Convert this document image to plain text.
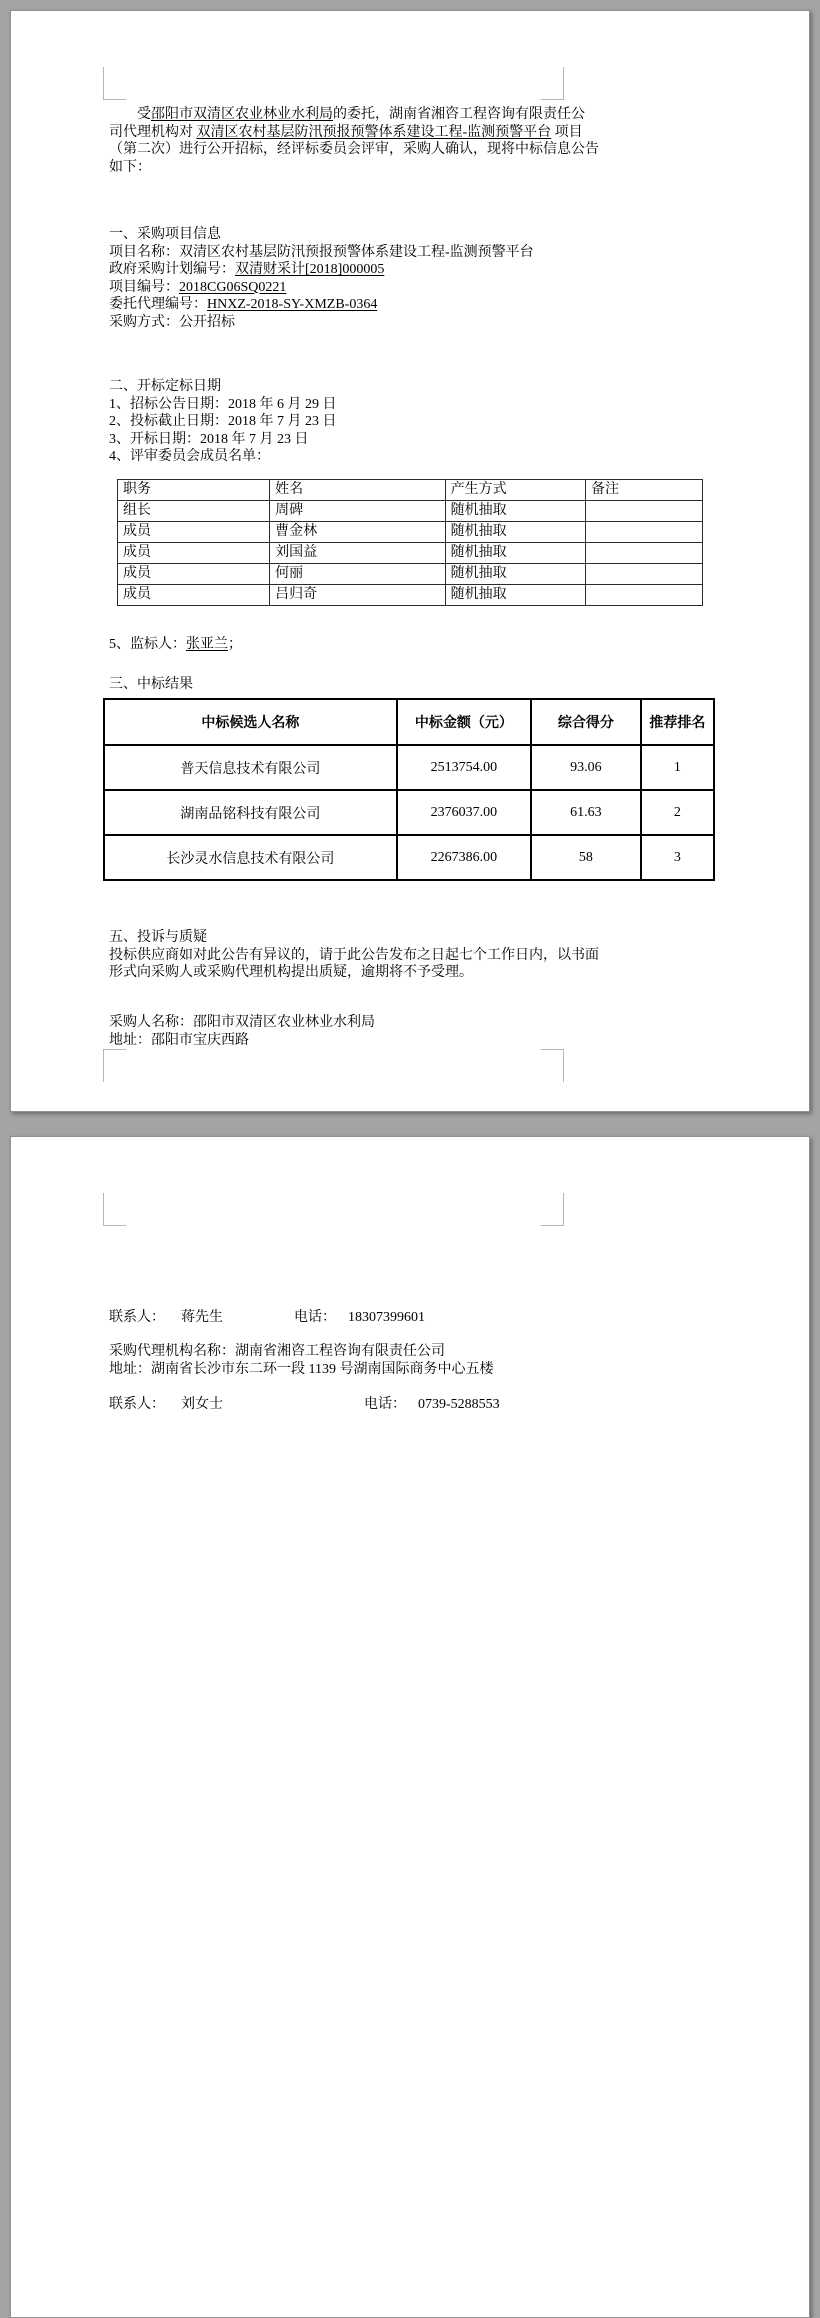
受邵阳市双清区农业林业水利局的委托，湖南省湘咨工程咨询有限责任公
司代理机构对 双清区农村基层防汛预报预警体系建设工程-监测预警平台 项目
（第二次）进行公开招标，经评标委员会评审，采购人确认，现将中标信息公告
如下：
一、采购项目信息
项目名称：双清区农村基层防汛预报预警体系建设工程-监测预警平台
政府采购计划编号：双清财采计[2018]000005
项目编号：2018CG06SQ0221
委托代理编号：HNXZ-2018-SY-XMZB-0364
采购方式：公开招标
二、开标定标日期
1、招标公告日期：2018 年 6 月 29 日
2、投标截止日期：2018 年 7 月 23 日
3、开标日期：2018 年 7 月 23 日
4、评审委员会成员名单：
职务	姓名	产生方式	备注
组长	周碑	随机抽取	
成员	曹金林	随机抽取	
成员	刘国益	随机抽取	
成员	何丽	随机抽取	
成员	吕归奇	随机抽取	
5、监标人：张亚兰；
三、中标结果
中标候选人名称	中标金额（元）	综合得分	推荐排名
普天信息技术有限公司	2513754.00	93.06	1
湖南品铭科技有限公司	2376037.00	61.63	2
长沙灵水信息技术有限公司	2267386.00	58	3
五、投诉与质疑
投标供应商如对此公告有异议的，请于此公告发布之日起七个工作日内，以书面
形式向采购人或采购代理机构提出质疑，逾期将不予受理。
采购人名称：邵阳市双清区农业林业水利局
地址：邵阳市宝庆西路
联系人： 蒋先生	电话： 18307399601
采购代理机构名称：湖南省湘咨工程咨询有限责任公司
地址：湖南省长沙市东二环一段 1139 号湖南国际商务中心五楼
联系人： 刘女士	电话： 0739-5288553
